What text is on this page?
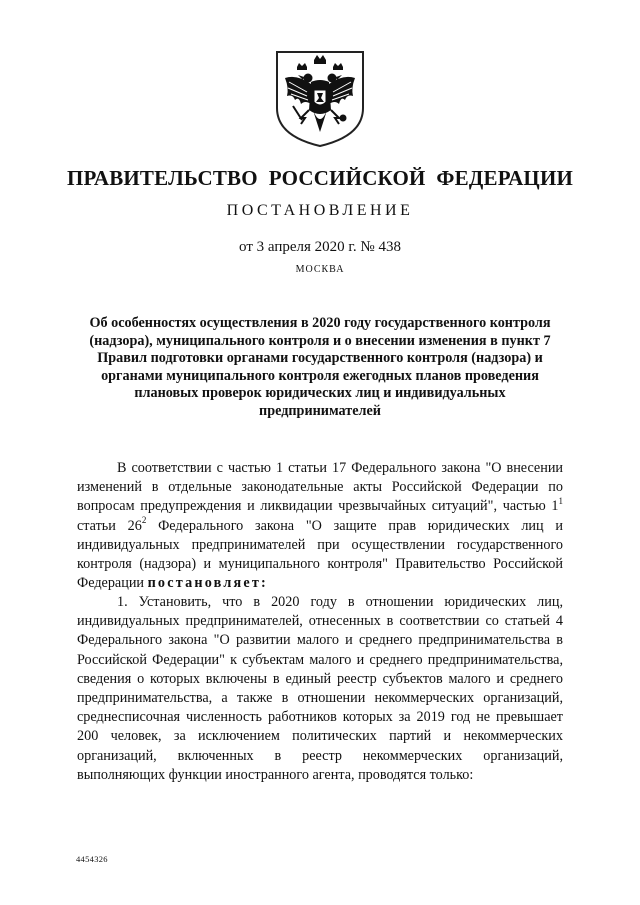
ПРАВИТЕЛЬСТВО  РОССИЙСКОЙ  ФЕДЕРАЦИИ
ПОСТАНОВЛЕНИЕ
от 3 апреля 2020 г. № 438
МОСКВА
Об особенностях осуществления в 2020 году государственного контроля (надзора), муниципального контроля и о внесении изменения в пункт 7 Правил подготовки органами государственного контроля (надзора) и органами муниципального контроля ежегодных планов проведения плановых проверок юридических лиц и индивидуальных предпринимателей

В соответствии с частью 1 статьи 17 Федерального закона "О внесении изменений в отдельные законодательные акты Российской Федерации по вопросам предупреждения и ликвидации чрезвычайных ситуаций", частью $1^1$ статьи $26^2$ Федерального закона "О защите прав юридических лиц и индивидуальных предпринимателей при осуществлении государственного контроля (надзора) и муниципального контроля" Правительство Российской Федерации постановляет:

1. Установить, что в 2020 году в отношении юридических лиц, индивидуальных предпринимателей, отнесенных в соответствии со статьей 4 Федерального закона "О развитии малого и среднего предпринимательства в Российской Федерации" к субъектам малого и среднего предпринимательства, сведения о которых включены в единый реестр субъектов малого и среднего предпринимательства, а также в отношении некоммерческих организаций, среднесписочная численность работников которых за 2019 год не превышает 200 человек, за исключением политических партий и некоммерческих организаций, включенных в реестр некоммерческих организаций, выполняющих функции иностранного агента, проводятся только:

4454326
